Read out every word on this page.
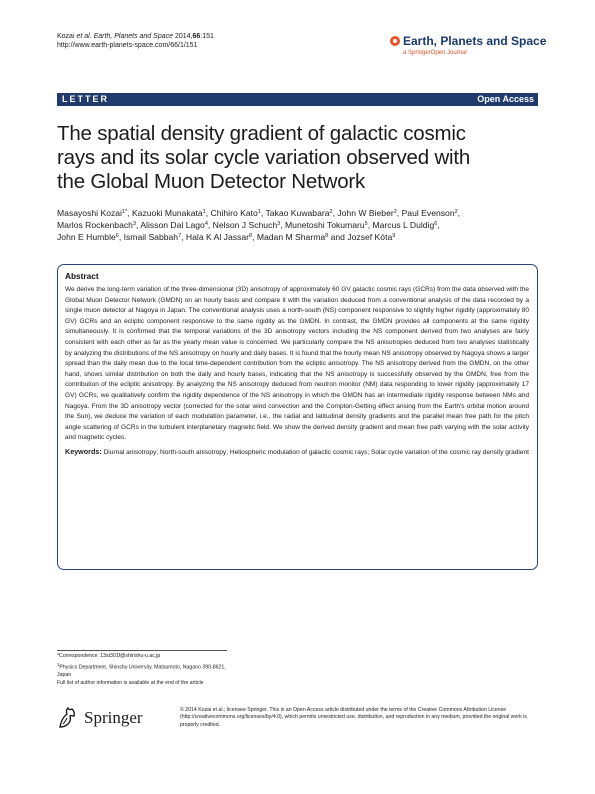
Kozai et al. Earth, Planets and Space 2014,66:151
http://www.earth-planets-space.com/66/1/151	Earth, Planets and Space
a SpringerOpen Journal
LETTER	Open Access
The spatial density gradient of galactic cosmic
rays and its solar cycle variation observed with
the Global Muon Detector Network
Masayoshi Kozai$^{1*}$, Kazuoki Munakata$^1$, Chihiro Kato$^1$, Takao Kuwabara$^2$, John W Bieber$^2$, Paul Evenson$^2$,
Marlos Rockenbach$^3$, Alisson Dal Lago$^4$, Nelson J Schuch$^3$, Munetoshi Tokumaru$^5$, Marcus L Duldig$^6$,
John E Humble$^6$, Ismail Sabbah$^7$, Hala K Al Jassar$^8$, Madan M Sharma$^8$ and Jozsef Kóta$^9$
Abstract
We derive the long-term variation of the three-dimensional (3D) anisotropy of approximately 60 GV galactic cosmic rays (GCRs) from the data observed with the Global Muon Detector Network (GMDN) on an hourly basis and compare it with the variation deduced from a conventional analysis of the data recorded by a single muon detector at Nagoya in Japan. The conventional analysis uses a north-south (NS) component responsive to slightly higher rigidity (approximately 80 GV) GCRs and an ecliptic component responsive to the same rigidity as the GMDN. In contrast, the GMDN provides all components at the same rigidity simultaneously. It is confirmed that the temporal variations of the 3D anisotropy vectors including the NS component derived from two analyses are fairly consistent with each other as far as the yearly mean value is concerned. We particularly compare the NS anisotropies deduced from two analyses statistically by analyzing the distributions of the NS anisotropy on hourly and daily bases. It is found that the hourly mean NS anisotropy observed by Nagoya shows a larger spread than the daily mean due to the local time-dependent contribution from the ecliptic anisotropy. The NS anisotropy derived from the GMDN, on the other hand, shows similar distribution on both the daily and hourly bases, indicating that the NS anisotropy is successfully observed by the GMDN, free from the contribution of the ecliptic anisotropy. By analyzing the NS anisotropy deduced from neutron monitor (NM) data responding to lower rigidity (approximately 17 GV) GCRs, we qualitatively confirm the rigidity dependence of the NS anisotropy in which the GMDN has an intermediate rigidity response between NMs and Nagoya. From the 3D anisotropy vector (corrected for the solar wind convection and the Compton-Getting effect arising from the Earth's orbital motion around the Sun), we deduce the variation of each modulation parameter, i.e., the radial and latitudinal density gradients and the parallel mean free path for the pitch angle scattering of GCRs in the turbulent interplanetary magnetic field. We show the derived density gradient and mean free path varying with the solar activity and magnetic cycles.
Keywords: Diurnal anisotropy; North-south anisotropy; Heliospheric modulation of galactic cosmic rays; Solar cycle variation of the cosmic ray density gradient
*Correspondence: 13st301f@shinshu-u.ac.jp
$^1$Physics Department, Shinshu University, Matsumoto, Nagano 390-8621,
Japan
Full list of author information is available at the end of the article
Springer	© 2014 Kozai et al.; licensee Springer. This is an Open Access article distributed under the terms of the Creative Commons Attribution License (http://creativecommons.org/licenses/by/4.0), which permits unrestricted use, distribution, and reproduction in any medium, provided the original work is properly credited.
